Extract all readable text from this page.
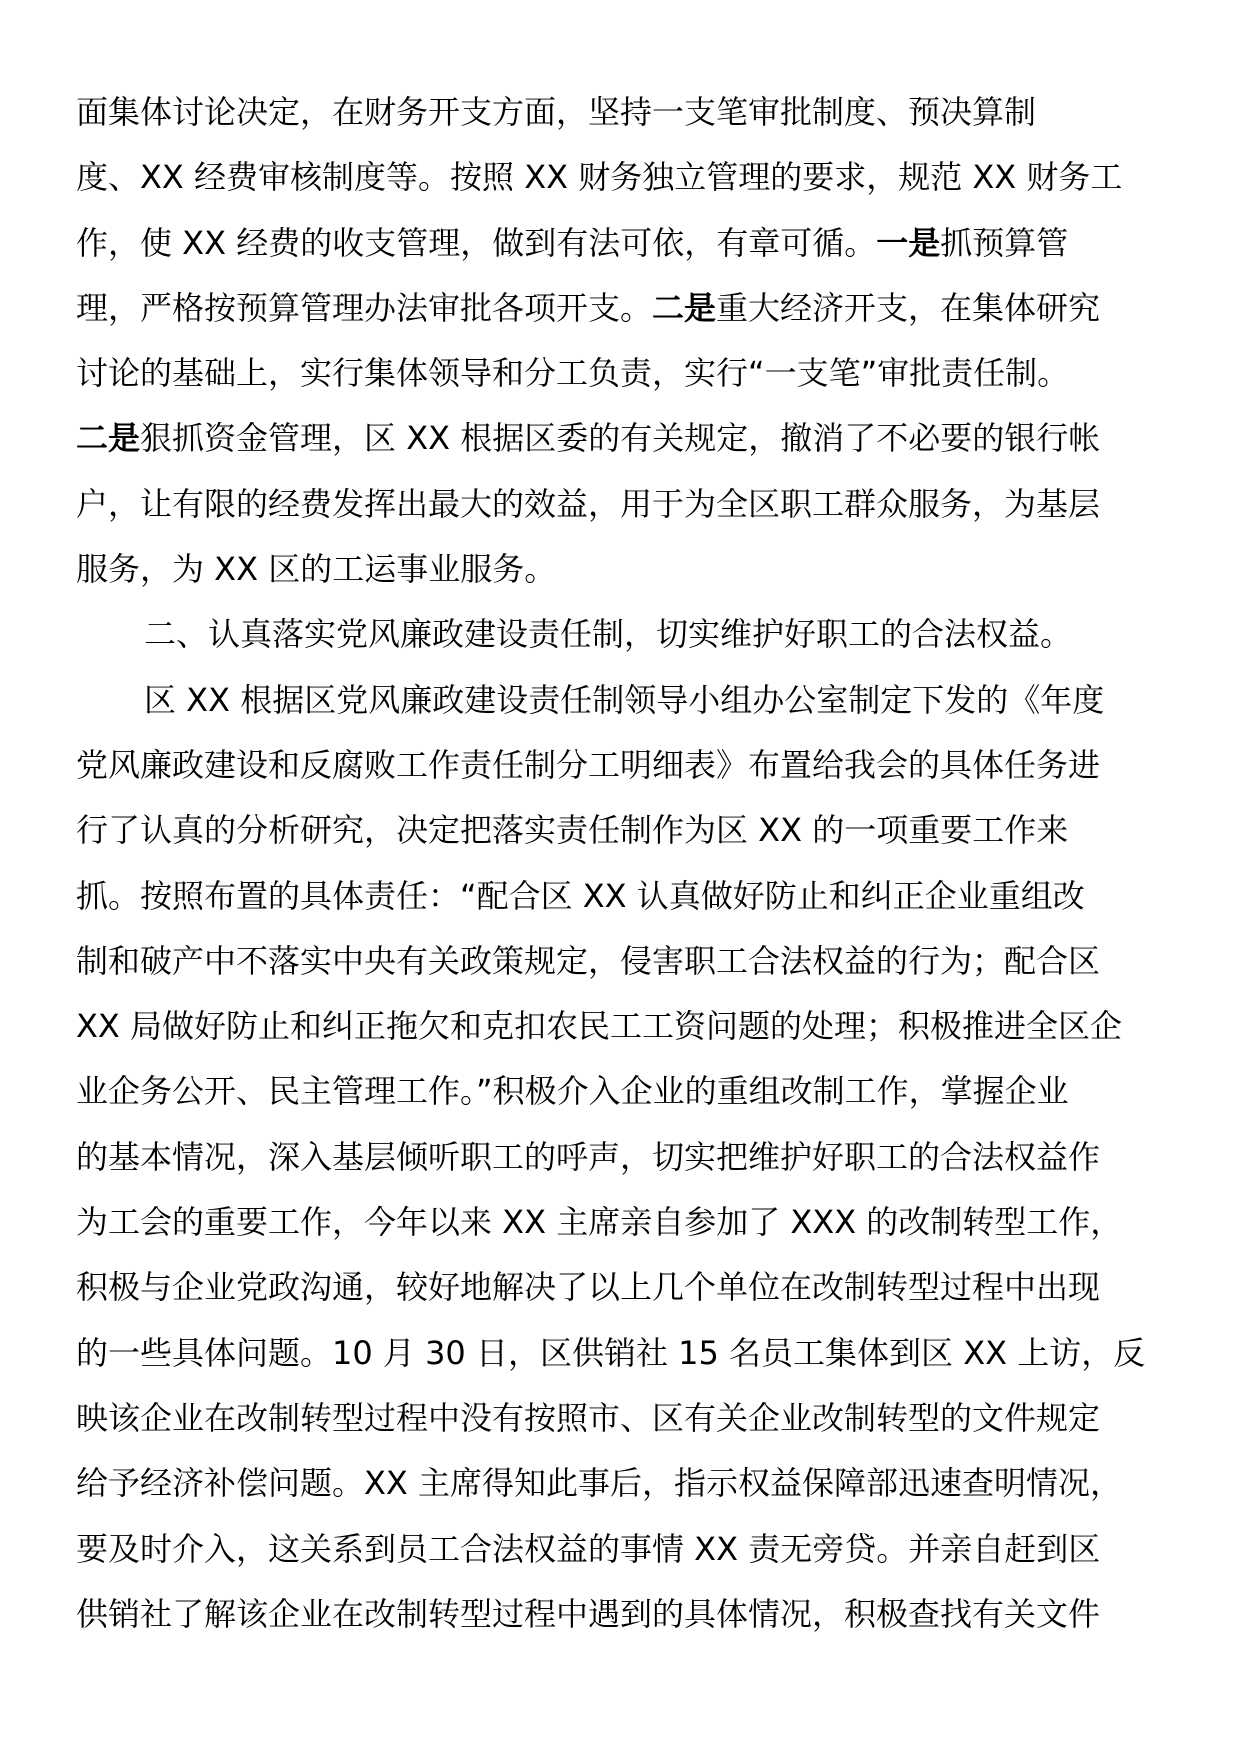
面集体讨论决定，在财务开支方面，坚持一支笔审批制度、预决算制
度、XX 经费审核制度等。按照 XX 财务独立管理的要求，规范 XX 财务工
作，使 XX 经费的收支管理，做到有法可依，有章可循。一是抓预算管
理，严格按预算管理办法审批各项开支。二是重大经济开支，在集体研究
讨论的基础上，实行集体领导和分工负责，实行“一支笔”审批责任制。
二是狠抓资金管理，区 XX 根据区委的有关规定，撤消了不必要的银行帐
户，让有限的经费发挥出最大的效益，用于为全区职工群众服务，为基层
服务，为 XX 区的工运事业服务。
二、认真落实党风廉政建设责任制，切实维护好职工的合法权益。
区 XX 根据区党风廉政建设责任制领导小组办公室制定下发的《年度
党风廉政建设和反腐败工作责任制分工明细表》布置给我会的具体任务进
行了认真的分析研究，决定把落实责任制作为区 XX 的一项重要工作来
抓。按照布置的具体责任：“配合区 XX 认真做好防止和纠正企业重组改
制和破产中不落实中央有关政策规定，侵害职工合法权益的行为；配合区
XX 局做好防止和纠正拖欠和克扣农民工工资问题的处理；积极推进全区企
业企务公开、民主管理工作。”积极介入企业的重组改制工作，掌握企业
的基本情况，深入基层倾听职工的呼声，切实把维护好职工的合法权益作
为工会的重要工作，今年以来 XX 主席亲自参加了 XXX 的改制转型工作，
积极与企业党政沟通，较好地解决了以上几个单位在改制转型过程中出现
的一些具体问题。10 月 30 日，区供销社 15 名员工集体到区 XX 上访，反
映该企业在改制转型过程中没有按照市、区有关企业改制转型的文件规定
给予经济补偿问题。XX 主席得知此事后，指示权益保障部迅速查明情况，
要及时介入，这关系到员工合法权益的事情 XX 责无旁贷。并亲自赶到区
供销社了解该企业在改制转型过程中遇到的具体情况，积极查找有关文件
